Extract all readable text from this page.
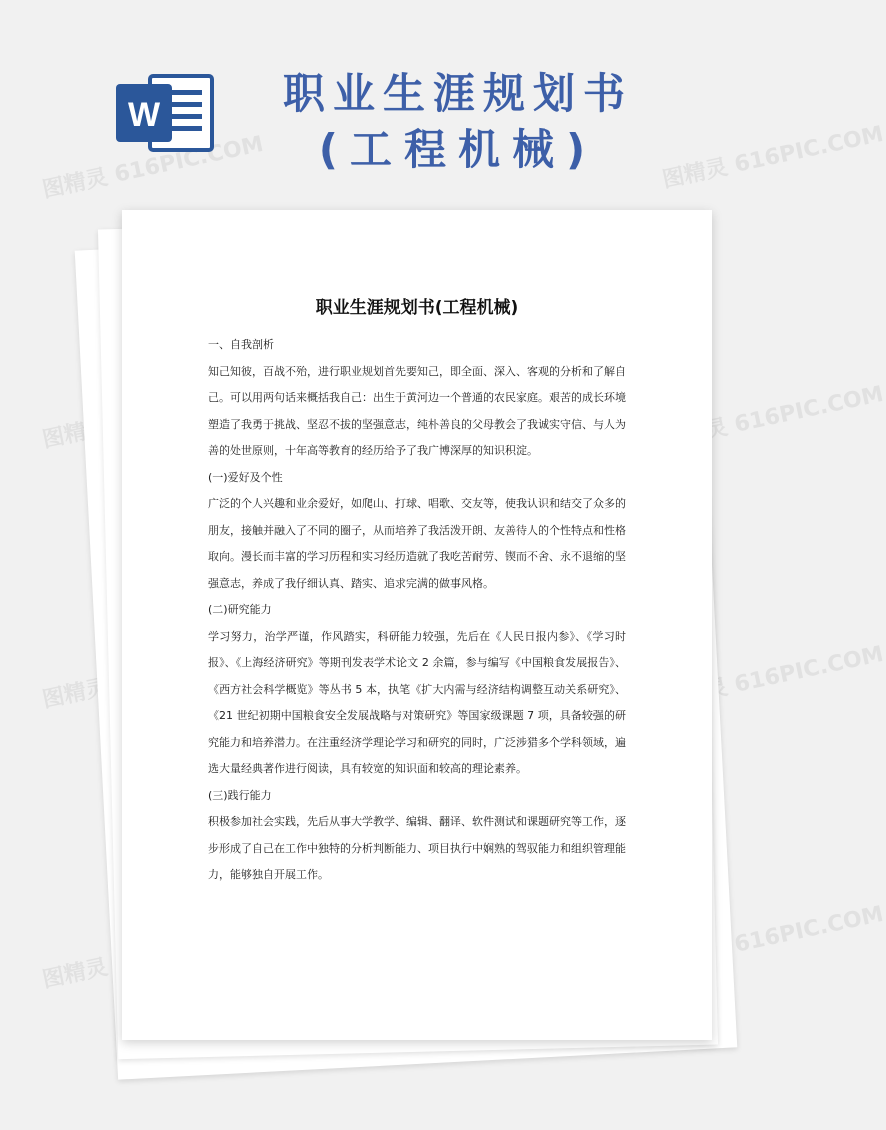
图精灵 616PIC.COM	图精灵 616PIC.COM
图精灵	图精灵 616PIC.COM
图精灵	图精灵 616PIC.COM
图精灵
图精灵 616PIC.COM
W	职业生涯规划书
(工程机械)
职业生涯规划书(工程机械)

一、自我剖析

知己知彼，百战不殆，进行职业规划首先要知己，即全面、深入、客观的分析和了解自己。可以用两句话来概括我自己：出生于黄河边一个普通的农民家庭。艰苦的成长环境塑造了我勇于挑战、坚忍不拔的坚强意志，纯朴善良的父母教会了我诚实守信、与人为善的处世原则，十年高等教育的经历给予了我广博深厚的知识积淀。

(一)爱好及个性

广泛的个人兴趣和业余爱好，如爬山、打球、唱歌、交友等，使我认识和结交了众多的朋友，接触并融入了不同的圈子，从而培养了我活泼开朗、友善待人的个性特点和性格取向。漫长而丰富的学习历程和实习经历造就了我吃苦耐劳、锲而不舍、永不退缩的坚强意志，养成了我仔细认真、踏实、追求完满的做事风格。

(二)研究能力

学习努力，治学严谨，作风踏实，科研能力较强，先后在《人民日报内参》、《学习时报》、《上海经济研究》等期刊发表学术论文 2 余篇，参与编写《中国粮食发展报告》、《西方社会科学概览》等丛书 5 本，执笔《扩大内需与经济结构调整互动关系研究》、《21 世纪初期中国粮食安全发展战略与对策研究》等国家级课题 7 项，具备较强的研究能力和培养潜力。在注重经济学理论学习和研究的同时，广泛涉猎多个学科领域，遍选大量经典著作进行阅读，具有较宽的知识面和较高的理论素养。

(三)践行能力

积极参加社会实践，先后从事大学教学、编辑、翻译、软件测试和课题研究等工作，逐步形成了自己在工作中独特的分析判断能力、项目执行中娴熟的驾驭能力和组织管理能力，能够独自开展工作。
